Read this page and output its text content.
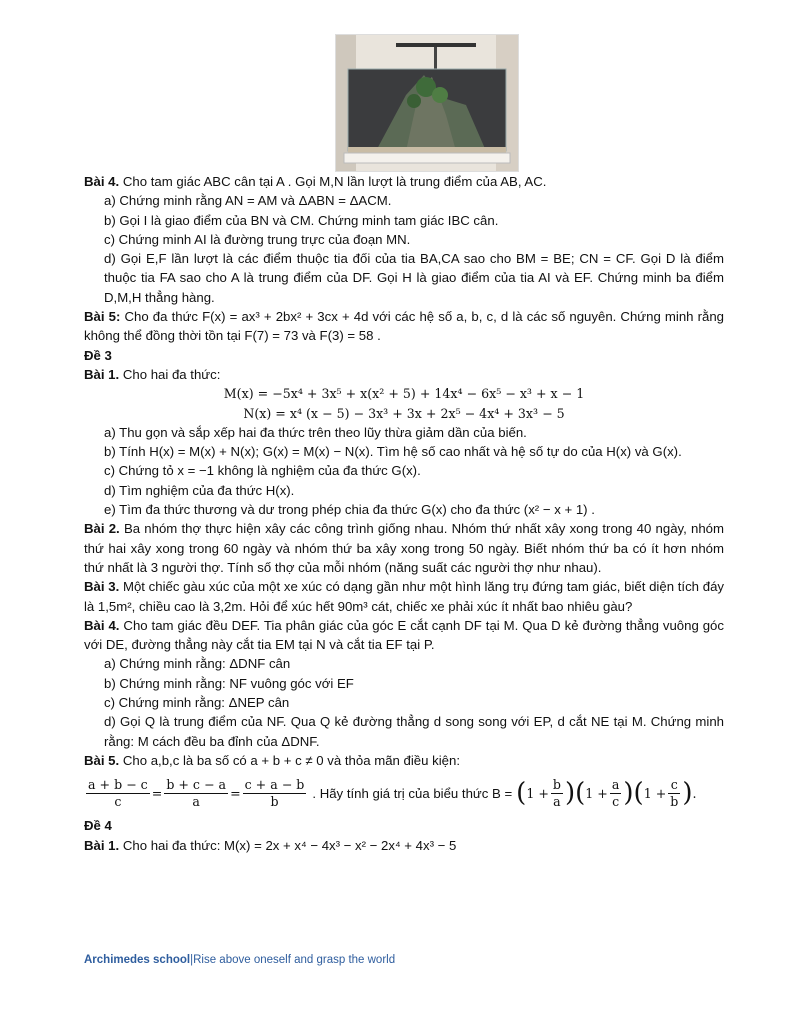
Bài 4. Cho tam giác ABC cân tại A . Gọi M,N lần lượt là trung điểm của AB, AC.

a) Chứng minh rằng AN = AM và ΔABN = ΔACM.

b) Gọi I là giao điểm của BN và CM. Chứng minh tam giác IBC cân.

c) Chứng minh AI là đường trung trực của đoạn MN.

d) Gọi E,F lần lượt là các điểm thuộc tia đối của tia BA,CA sao cho BM = BE; CN = CF. Gọi D là điểm thuộc tia FA sao cho A là trung điểm của DF. Gọi H là giao điểm của tia AI và EF. Chứng minh ba điểm D,M,H thẳng hàng.

Bài 5: Cho đa thức F(x) = ax³ + 2bx² + 3cx + 4d với các hệ số a, b, c, d là các số nguyên. Chứng minh rằng không thể đồng thời tồn tại F(7) = 73 và F(3) = 58 .

Đề 3

Bài 1. Cho hai đa thức:

M(x) = −5x⁴ + 3x⁵ + x(x² + 5) + 14x⁴ − 6x⁵ − x³ + x − 1

N(x) = x⁴ (x − 5) − 3x³ + 3x + 2x⁵ − 4x⁴ + 3x³ − 5

a) Thu gọn và sắp xếp hai đa thức trên theo lũy thừa giảm dần của biến.

b) Tính H(x) = M(x) + N(x); G(x) = M(x) − N(x). Tìm hệ số cao nhất và hệ số tự do của H(x) và G(x).

c) Chứng tỏ x = −1 không là nghiệm của đa thức G(x).

d) Tìm nghiệm của đa thức H(x).

e) Tìm đa thức thương và dư trong phép chia đa thức G(x) cho đa thức (x² − x + 1) .

Bài 2. Ba nhóm thợ thực hiện xây các công trình giống nhau. Nhóm thứ nhất xây xong trong 40 ngày, nhóm thứ hai xây xong trong 60 ngày và nhóm thứ ba xây xong trong 50 ngày. Biết nhóm thứ ba có ít hơn nhóm thứ nhất là 3 người thợ. Tính số thợ của mỗi nhóm (năng suất các người thợ như nhau).

Bài 3. Một chiếc gàu xúc của một xe xúc có dạng gần như một hình lăng trụ đứng tam giác, biết diện tích đáy là 1,5m², chiều cao là 3,2m. Hỏi để xúc hết 90m³ cát, chiếc xe phải xúc ít nhất bao nhiêu gàu?

Bài 4. Cho tam giác đều DEF. Tia phân giác của góc E cắt cạnh DF tại M. Qua D kẻ đường thẳng vuông góc với DE, đường thẳng này cắt tia EM tại N và cắt tia EF tại P.

a) Chứng minh rằng: ΔDNF cân

b) Chứng minh rằng: NF vuông góc với EF

c) Chứng minh rằng: ΔNEP cân

d) Gọi Q là trung điểm của NF. Qua Q kẻ đường thẳng d song song với EP, d cắt NE tại M. Chứng minh rằng: M cách đều ba đỉnh của ΔDNF.

Bài 5. Cho a,b,c là ba số có a + b + c ≠ 0 và thỏa mãn điều kiện:

$\frac{a + b - c}{c} = \frac{b + c - a}{a} = \frac{c + a - b}{b}$ . Hãy tính giá trị của biểu thức B = ( $1 + \frac{b}{a}$ ) ( $1 + \frac{a}{c}$ ) ( $1 + \frac{c}{b}$ ) .

Đề 4

Bài 1. Cho hai đa thức: M(x) = 2x + x⁴ − 4x³ − x² − 2x⁴ + 4x³ − 5

Archimedes school|Rise above oneself and grasp the world
